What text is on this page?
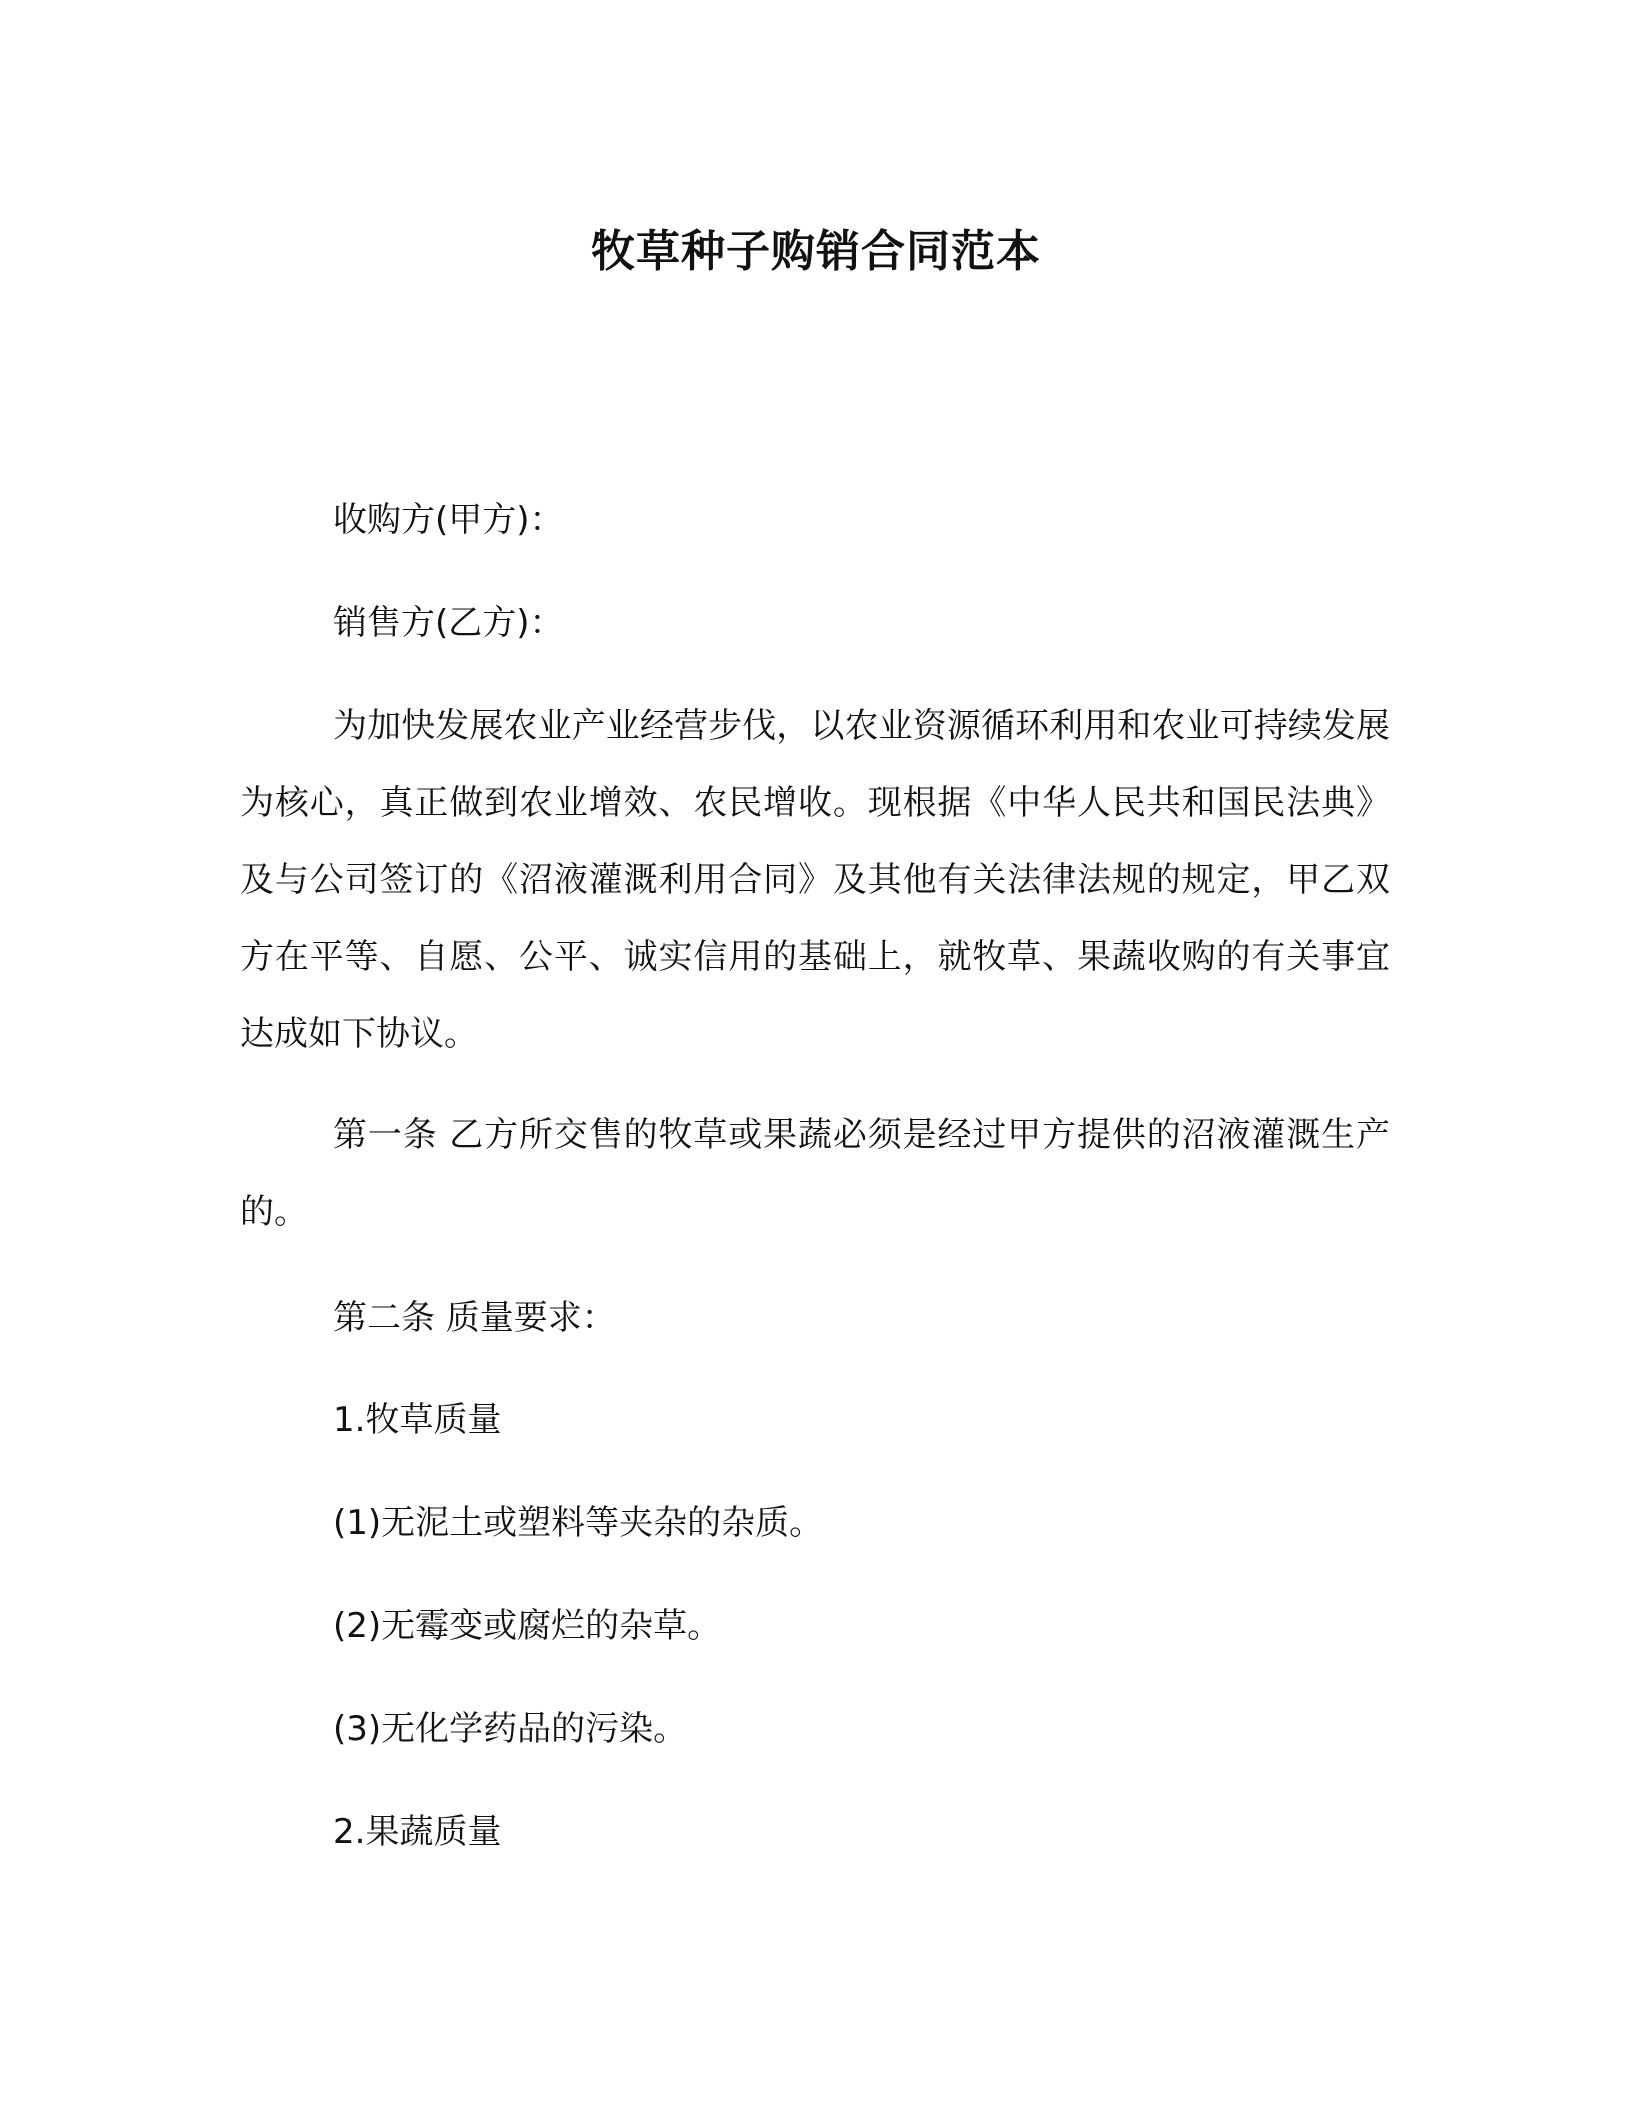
牧草种子购销合同范本
收购方(甲方)：
销售方(乙方)：
为加快发展农业产业经营步伐，以农业资源循环利用和农业可持续发展为核心，真正做到农业增效、农民增收。现根据《中华人民共和国民法典》及与公司签订的《沼液灌溉利用合同》及其他有关法律法规的规定，甲乙双方在平等、自愿、公平、诚实信用的基础上，就牧草、果蔬收购的有关事宜达成如下协议。
第一条 乙方所交售的牧草或果蔬必须是经过甲方提供的沼液灌溉生产的。
第二条 质量要求：
1.牧草质量
(1)无泥土或塑料等夹杂的杂质。
(2)无霉变或腐烂的杂草。
(3)无化学药品的污染。
2.果蔬质量
